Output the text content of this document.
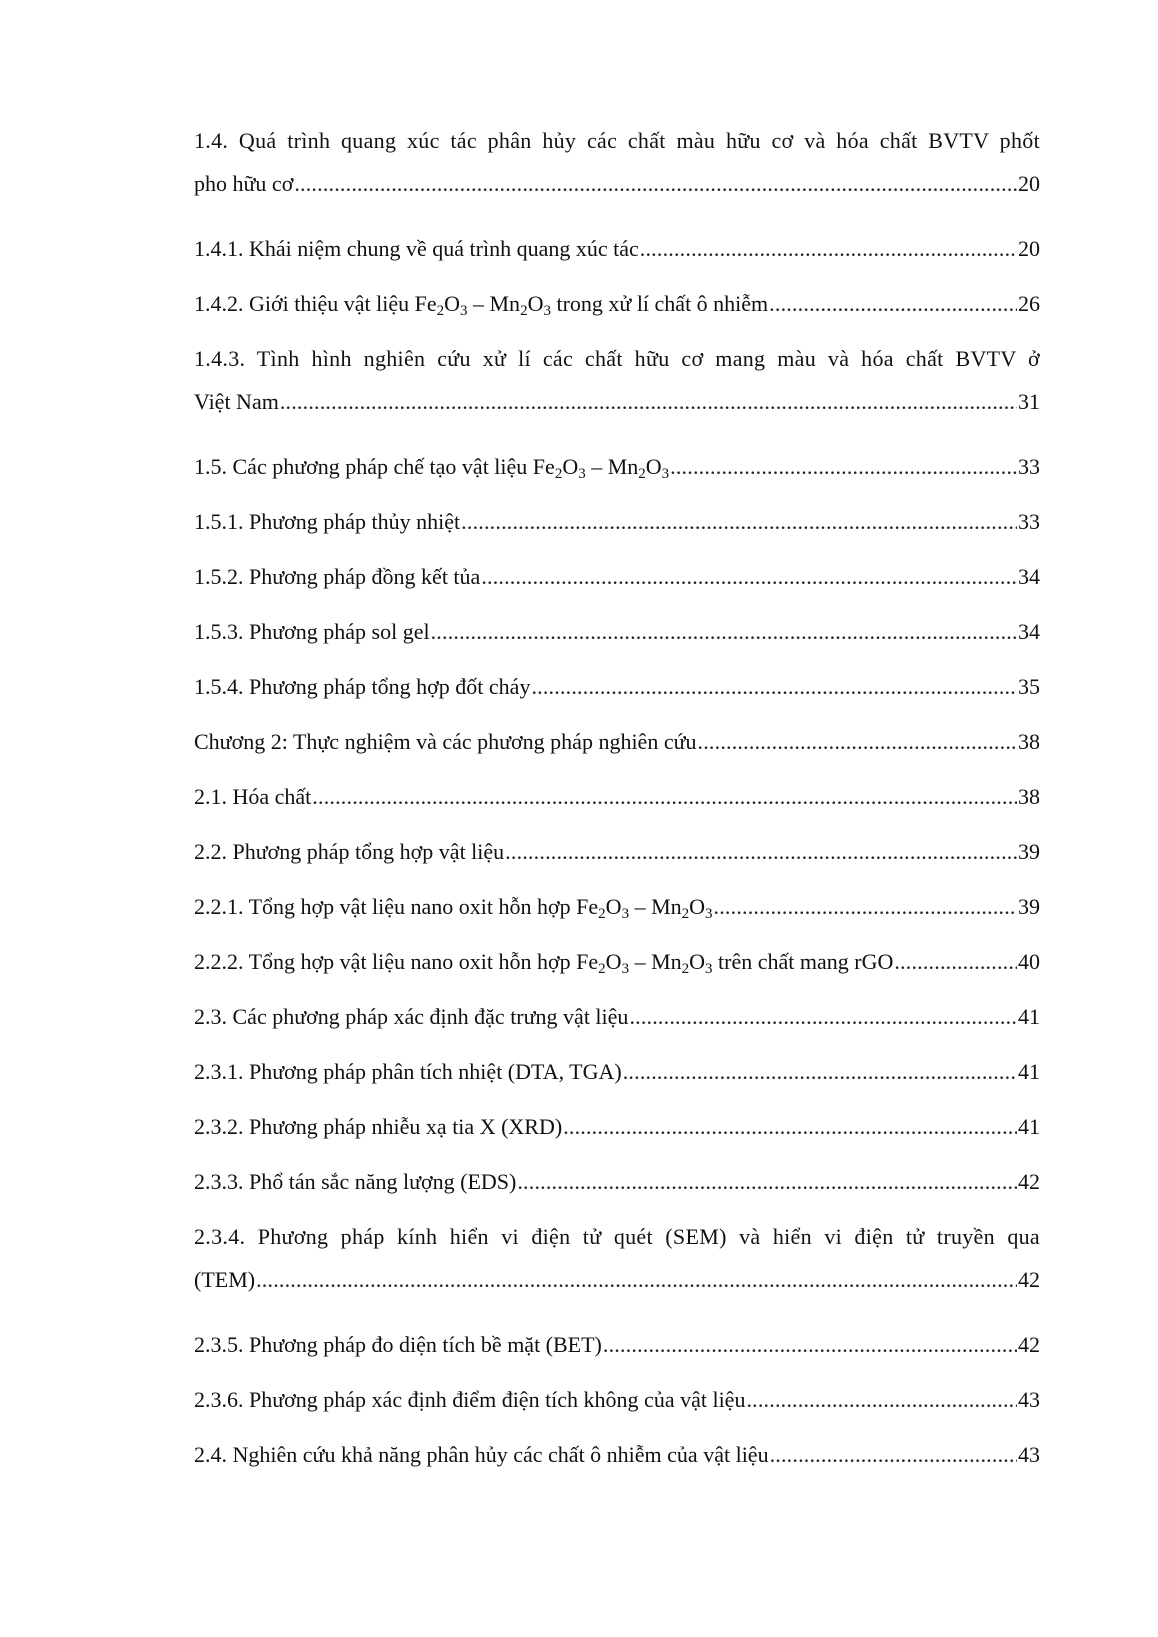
1.4. Quá trình quang xúc tác phân hủy các chất màu hữu cơ và hóa chất BVTV phốt
pho hữu cơ .....	20
1.4.1. Khái niệm chung về quá trình quang xúc tác .....	20
1.4.2. Giới thiệu vật liệu $Fe_2O_3 - Mn_2O_3$ trong xử lí chất ô nhiễm .....	26
1.4.3. Tình hình nghiên cứu xử lí các chất hữu cơ mang màu và hóa chất BVTV ở
Việt Nam .....	31
1.5. Các phương pháp chế tạo vật liệu $Fe_2O_3 - Mn_2O_3$ .....	33
1.5.1. Phương pháp thủy nhiệt .....	33
1.5.2. Phương pháp đồng kết tủa .....	34
1.5.3. Phương pháp sol gel .....	34
1.5.4. Phương pháp tổng hợp đốt cháy .....	35
Chương 2: Thực nghiệm và các phương pháp nghiên cứu .....	38
2.1. Hóa chất .....	38
2.2. Phương pháp tổng hợp vật liệu .....	39
2.2.1. Tổng hợp vật liệu nano oxit hỗn hợp $Fe_2O_3 - Mn_2O_3$ .....	39
2.2.2. Tổng hợp vật liệu nano oxit hỗn hợp $Fe_2O_3 - Mn_2O_3$ trên chất mang rGO .....	40
2.3. Các phương pháp xác định đặc trưng vật liệu .....	41
2.3.1. Phương pháp phân tích nhiệt (DTA, TGA) .....	41
2.3.2. Phương pháp nhiễu xạ tia X (XRD) .....	41
2.3.3. Phổ tán sắc năng lượng (EDS) .....	42
2.3.4. Phương pháp kính hiển vi điện tử quét (SEM) và hiển vi điện tử truyền qua
(TEM) .....	42
2.3.5. Phương pháp đo diện tích bề mặt (BET) .....	42
2.3.6. Phương pháp xác định điểm điện tích không của vật liệu .....	43
2.4. Nghiên cứu khả năng phân hủy các chất ô nhiễm của vật liệu .....	43
